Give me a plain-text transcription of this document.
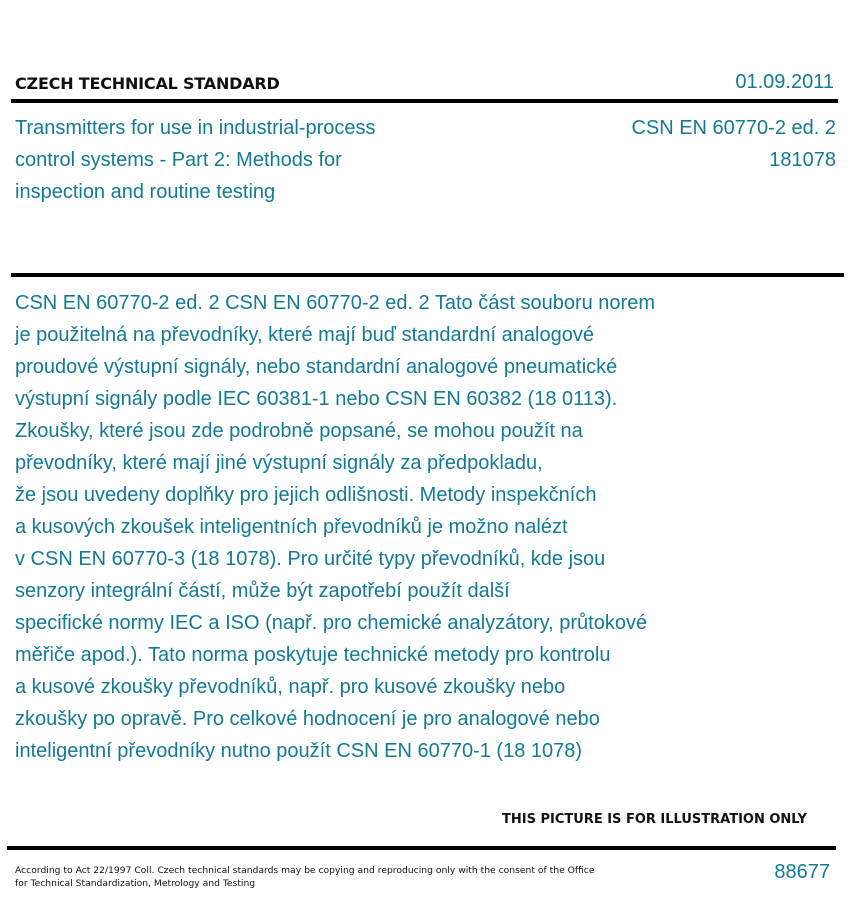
CZECH TECHNICAL STANDARD	01.09.2011
Transmitters for use in industrial-process
control systems - Part 2: Methods for
inspection and routine testing
CSN EN 60770-2 ed. 2
181078
CSN EN 60770-2 ed. 2 CSN EN 60770-2 ed. 2 Tato část souboru norem
je použitelná na převodníky, které mají buď standardní analogové
proudové výstupní signály, nebo standardní analogové pneumatické
výstupní signály podle IEC 60381-1 nebo CSN EN 60382 (18 0113).
Zkoušky, které jsou zde podrobně popsané, se mohou použít na
převodníky, které mají jiné výstupní signály za předpokladu,
že jsou uvedeny doplňky pro jejich odlišnosti. Metody inspekčních
a kusových zkoušek inteligentních převodníků je možno nalézt
v CSN EN 60770-3 (18 1078). Pro určité typy převodníků, kde jsou
senzory integrální částí, může být zapotřebí použít další
specifické normy IEC a ISO (např. pro chemické analyzátory, průtokové
měřiče apod.). Tato norma poskytuje technické metody pro kontrolu
a kusové zkoušky převodníků, např. pro kusové zkoušky nebo
zkoušky po opravě. Pro celkové hodnocení je pro analogové nebo
inteligentní převodníky nutno použít CSN EN 60770-1 (18 1078)
THIS PICTURE IS FOR ILLUSTRATION ONLY
According to Act 22/1997 Coll. Czech technical standards may be copying and reproducing only with the consent of the Office
for Technical Standardization, Metrology and Testing
88677
